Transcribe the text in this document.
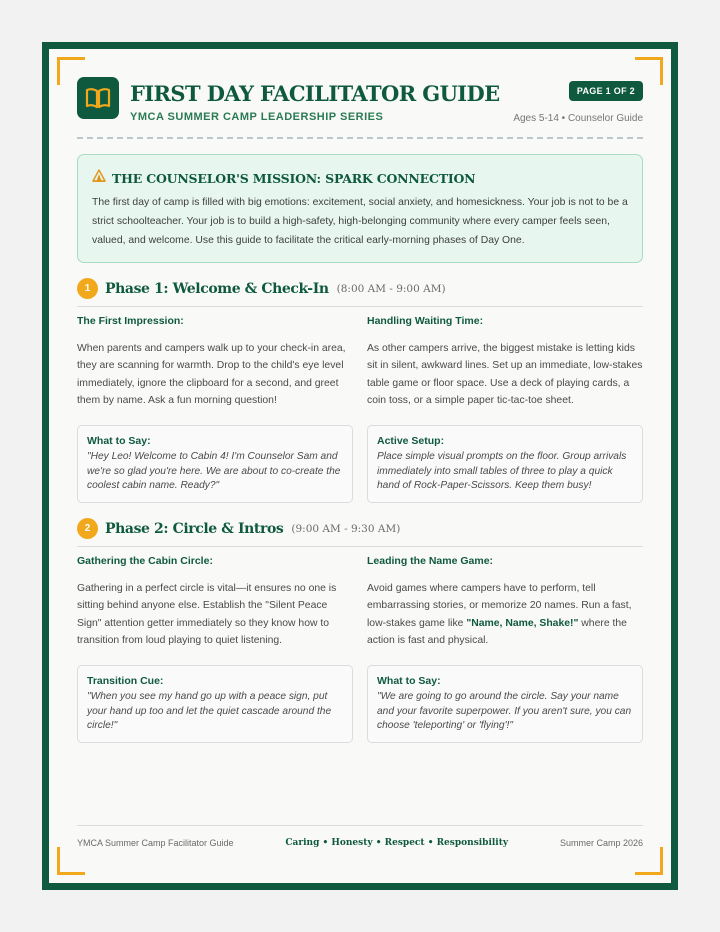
FIRST DAY FACILITATOR GUIDE
YMCA SUMMER CAMP LEADERSHIP SERIES
PAGE 1 OF 2
Ages 5-14 • Counselor Guide
THE COUNSELOR'S MISSION: SPARK CONNECTION

The first day of camp is filled with big emotions: excitement, social anxiety, and homesickness. Your job is not to be a strict schoolteacher. Your job is to build a high-safety, high-belonging community where every camper feels seen, valued, and welcome. Use this guide to facilitate the critical early-morning phases of Day One.

1	Phase 1: Welcome & Check-In (8:00 AM - 9:00 AM)
The First Impression:

When parents and campers walk up to your check-in area, they are scanning for warmth. Drop to the child's eye level immediately, ignore the clipboard for a second, and greet them by name. Ask a fun morning question!

What to Say:

"Hey Leo! Welcome to Cabin 4! I'm Counselor Sam and we're so glad you're here. We are about to co-create the coolest cabin name. Ready?"

Handling Waiting Time:

As other campers arrive, the biggest mistake is letting kids sit in silent, awkward lines. Set up an immediate, low-stakes table game or floor space. Use a deck of playing cards, a coin toss, or a simple paper tic-tac-toe sheet.

Active Setup:

Place simple visual prompts on the floor. Group arrivals immediately into small tables of three to play a quick hand of Rock-Paper-Scissors. Keep them busy!

2	Phase 2: Circle & Intros (9:00 AM - 9:30 AM)
Gathering the Cabin Circle:

Gathering in a perfect circle is vital—it ensures no one is sitting behind anyone else. Establish the "Silent Peace Sign" attention getter immediately so they know how to transition from loud playing to quiet listening.

Transition Cue:

"When you see my hand go up with a peace sign, put your hand up too and let the quiet cascade around the circle!"

Leading the Name Game:

Avoid games where campers have to perform, tell embarrassing stories, or memorize 20 names. Run a fast, low-stakes game like "Name, Name, Shake!" where the action is fast and physical.

What to Say:

"We are going to go around the circle. Say your name and your favorite superpower. If you aren't sure, you can choose 'teleporting' or 'flying'!"

YMCA Summer Camp Facilitator Guide	Caring • Honesty • Respect • Responsibility	Summer Camp 2026
